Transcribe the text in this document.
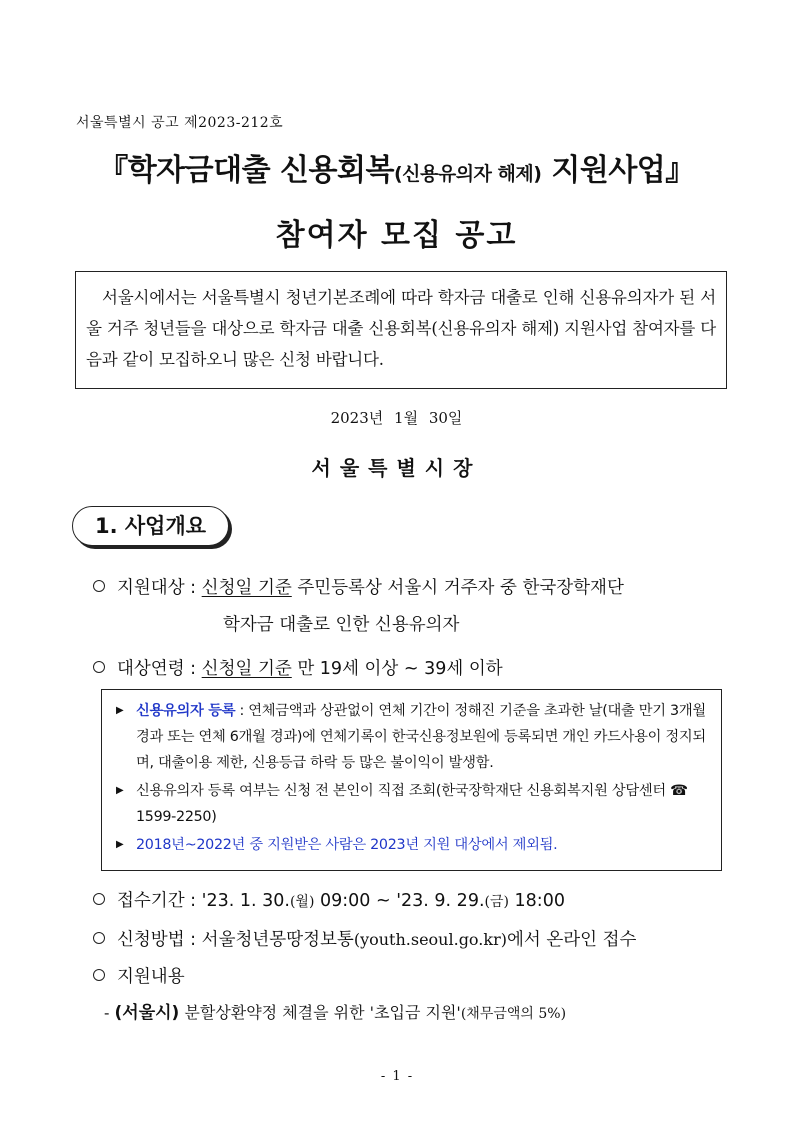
서울특별시 공고 제2023-212호
『학자금대출 신용회복(신용유의자 해제) 지원사업』
참여자 모집 공고

서울시에서는 서울특별시 청년기본조례에 따라 학자금 대출로 인해 신용유의자가 된 서울 거주 청년들을 대상으로 학자금 대출 신용회복(신용유의자 해제) 지원사업 참여자를 다음과 같이 모집하오니 많은 신청 바랍니다.

2023년 1월 30일
서울특별시장
1. 사업개요
지원대상 : 신청일 기준 주민등록상 서울시 거주자 중 한국장학재단
학자금 대출로 인한 신용유의자
대상연령 : 신청일 기준 만 19세 이상 ~ 39세 이하
▶ 신용유의자 등록 : 연체금액과 상관없이 연체 기간이 정해진 기준을 초과한 날(대출 만기 3개월 경과 또는 연체 6개월 경과)에 연체기록이 한국신용정보원에 등록되면 개인 카드사용이 정지되며, 대출이용 제한, 신용등급 하락 등 많은 불이익이 발생함.
▶ 신용유의자 등록 여부는 신청 전 본인이 직접 조회(한국장학재단 신용회복지원 상담센터 ☎ 1599-2250)
▶ 2018년~2022년 중 지원받은 사람은 2023년 지원 대상에서 제외됨.
접수기간 : '23. 1. 30.(월) 09:00 ~ '23. 9. 29.(금) 18:00
신청방법 : 서울청년몽땅정보통(youth.seoul.go.kr)에서 온라인 접수
지원내용
- (서울시) 분할상환약정 체결을 위한 '초입금 지원'(채무금액의 5%)
- 1 -
